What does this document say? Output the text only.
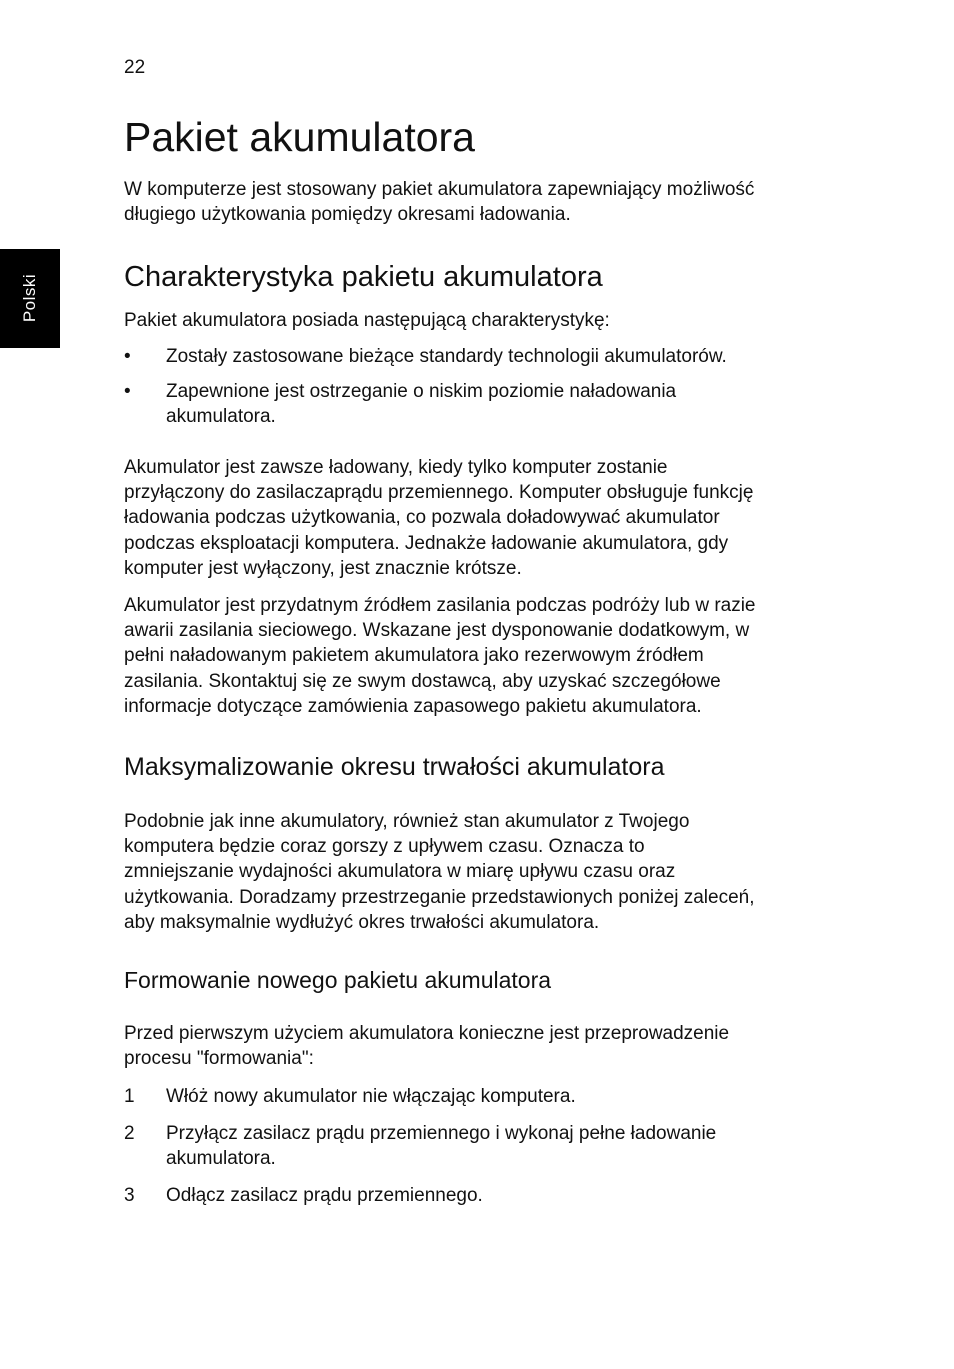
22
Polski
Pakiet akumulatora

W komputerze jest stosowany pakiet akumulatora zapewniający możliwość
długiego użytkowania pomiędzy okresami ładowania.

Charakterystyka pakietu akumulatora

Pakiet akumulatora posiada następującą charakterystykę:

•	Zostały zastosowane bieżące standardy technologii akumulatorów.
•	Zapewnione jest ostrzeganie o niskim poziomie naładowania
akumulatora.

Akumulator jest zawsze ładowany, kiedy tylko komputer zostanie
przyłączony do zasilaczaprądu przemiennego. Komputer obsługuje funkcję
ładowania podczas użytkowania, co pozwala doładowywać akumulator
podczas eksploatacji komputera. Jednakże ładowanie akumulatora, gdy
komputer jest wyłączony, jest znacznie krótsze.

Akumulator jest przydatnym źródłem zasilania podczas podróży lub w razie
awarii zasilania sieciowego. Wskazane jest dysponowanie dodatkowym, w
pełni naładowanym pakietem akumulatora jako rezerwowym źródłem
zasilania. Skontaktuj się ze swym dostawcą, aby uzyskać szczegółowe
informacje dotyczące zamówienia zapasowego pakietu akumulatora.

Maksymalizowanie okresu trwałości akumulatora

Podobnie jak inne akumulatory, również stan akumulator z Twojego
komputera będzie coraz gorszy z upływem czasu. Oznacza to
zmniejszanie wydajności akumulatora w miarę upływu czasu oraz
użytkowania. Doradzamy przestrzeganie przedstawionych poniżej zaleceń,
aby maksymalnie wydłużyć okres trwałości akumulatora.

Formowanie nowego pakietu akumulatora

Przed pierwszym użyciem akumulatora konieczne jest przeprowadzenie
procesu "formowania":

1	Włóż nowy akumulator nie włączając komputera.
2	Przyłącz zasilacz prądu przemiennego i wykonaj pełne ładowanie
akumulatora.
3	Odłącz zasilacz prądu przemiennego.
